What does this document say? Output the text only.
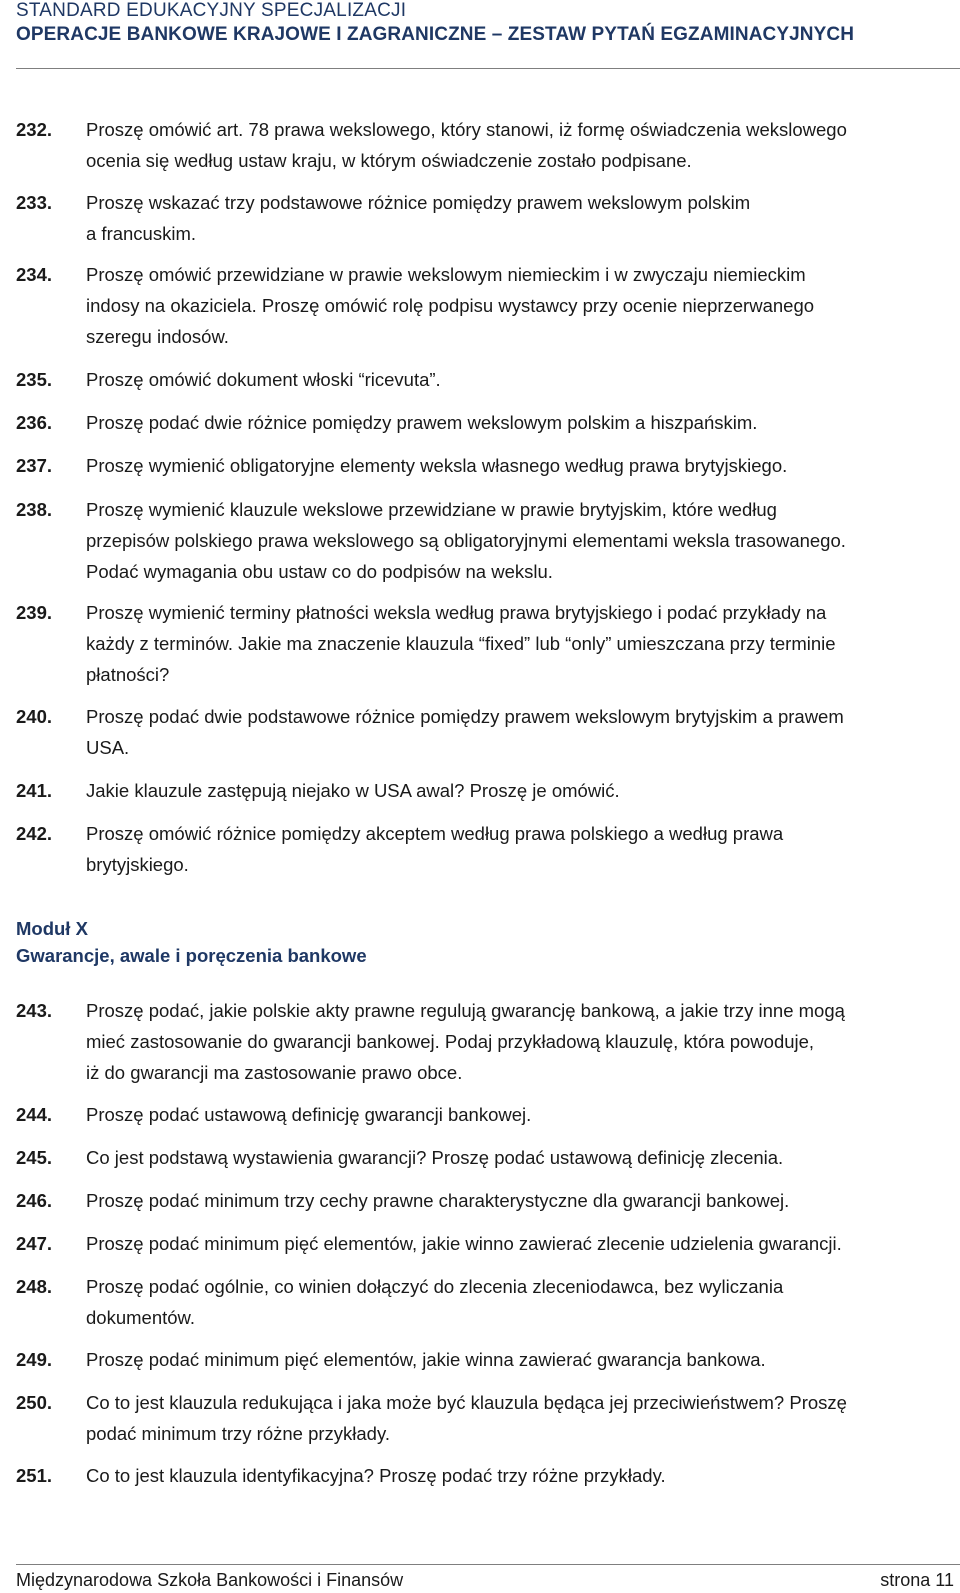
STANDARD EDUKACYJNY SPECJALIZACJI
OPERACJE BANKOWE KRAJOWE I ZAGRANICZNE – ZESTAW PYTAŃ EGZAMINACYJNYCH
232. Proszę omówić art. 78 prawa wekslowego, który stanowi, iż formę oświadczenia wekslowego
ocenia się według ustaw kraju, w którym oświadczenie zostało podpisane.
233. Proszę wskazać trzy podstawowe różnice pomiędzy prawem wekslowym polskim
a francuskim.
234. Proszę omówić przewidziane w prawie wekslowym niemieckim i w zwyczaju niemieckim
indosy na okaziciela. Proszę omówić rolę podpisu wystawcy przy ocenie nieprzerwanego
szeregu indosów.
235. Proszę omówić dokument włoski “ricevuta”.
236. Proszę podać dwie różnice pomiędzy prawem wekslowym polskim a hiszpańskim.
237. Proszę wymienić obligatoryjne elementy weksla własnego według prawa brytyjskiego.
238. Proszę wymienić klauzule wekslowe przewidziane w prawie brytyjskim, które według
przepisów polskiego prawa wekslowego są obligatoryjnymi elementami weksla trasowanego.
Podać wymagania obu ustaw co do podpisów na wekslu.
239. Proszę wymienić terminy płatności weksla według prawa brytyjskiego i podać przykłady na
każdy z terminów. Jakie ma znaczenie klauzula “fixed” lub “only” umieszczana przy terminie
płatności?
240. Proszę podać dwie podstawowe różnice pomiędzy prawem wekslowym brytyjskim a prawem
USA.
241. Jakie klauzule zastępują niejako w USA awal? Proszę je omówić.
242. Proszę omówić różnice pomiędzy akceptem według prawa polskiego a według prawa
brytyjskiego.
243. Proszę podać, jakie polskie akty prawne regulują gwarancję bankową, a jakie trzy inne mogą
mieć zastosowanie do gwarancji bankowej. Podaj przykładową klauzulę, która powoduje,
iż do gwarancji ma zastosowanie prawo obce.
244. Proszę podać ustawową definicję gwarancji bankowej.
245. Co jest podstawą wystawienia gwarancji? Proszę podać ustawową definicję zlecenia.
246. Proszę podać minimum trzy cechy prawne charakterystyczne dla gwarancji bankowej.
247. Proszę podać minimum pięć elementów, jakie winno zawierać zlecenie udzielenia gwarancji.
248. Proszę podać ogólnie, co winien dołączyć do zlecenia zleceniodawca, bez wyliczania
dokumentów.
249. Proszę podać minimum pięć elementów, jakie winna zawierać gwarancja bankowa.
250. Co to jest klauzula redukująca i jaka może być klauzula będąca jej przeciwieństwem? Proszę
podać minimum trzy różne przykłady.
251. Co to jest klauzula identyfikacyjna? Proszę podać trzy różne przykłady.
Moduł X
Gwarancje, awale i poręczenia bankowe
Międzynarodowa Szkoła Bankowości i Finansów	strona 11
